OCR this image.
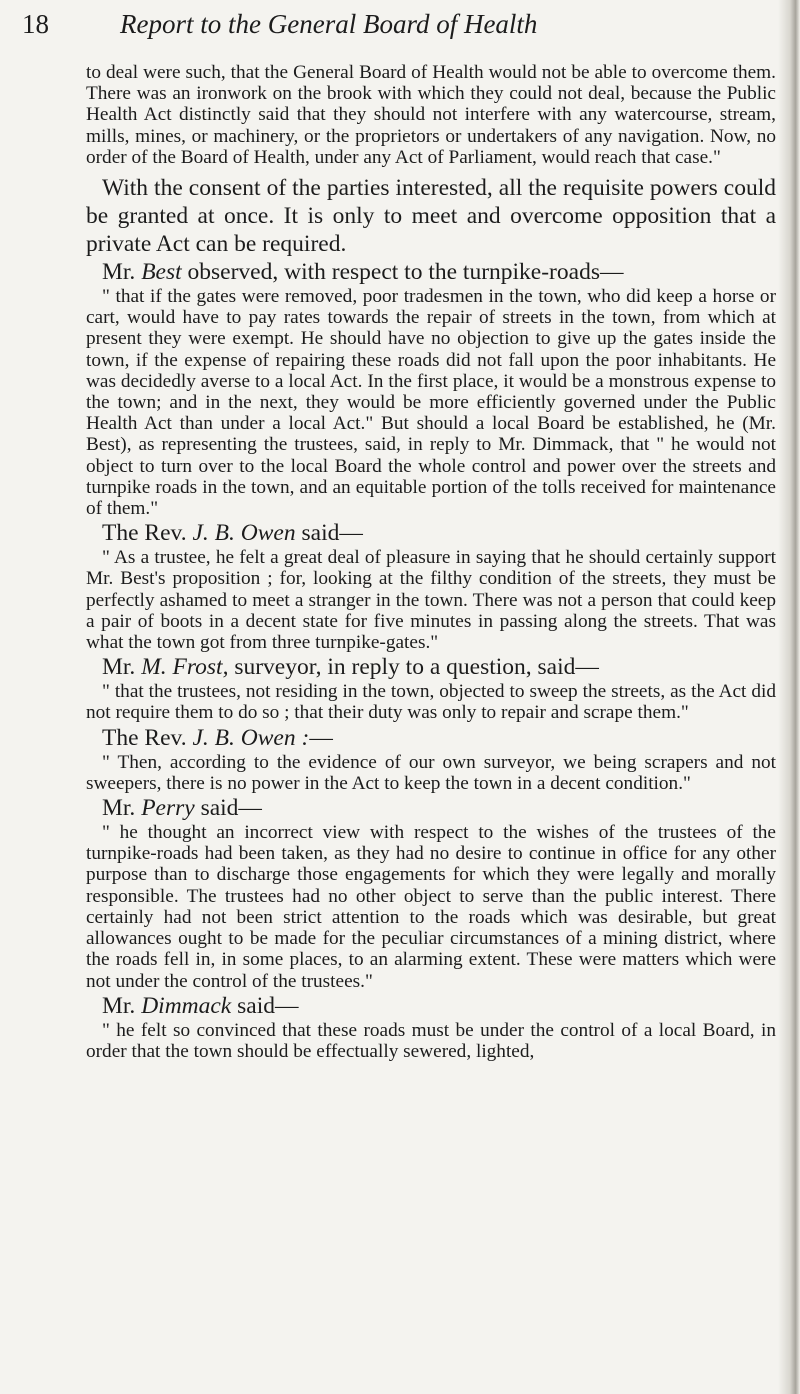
18	Report to the General Board of Health

to deal were such, that the General Board of Health would not be able to overcome them. There was an ironwork on the brook with which they could not deal, because the Public Health Act distinctly said that they should not interfere with any watercourse, stream, mills, mines, or machinery, or the proprietors or undertakers of any navigation. Now, no order of the Board of Health, under any Act of Parliament, would reach that case."

With the consent of the parties interested, all the requisite powers could be granted at once. It is only to meet and overcome opposition that a private Act can be required.

Mr. Best observed, with respect to the turnpike-roads—

" that if the gates were removed, poor tradesmen in the town, who did keep a horse or cart, would have to pay rates towards the repair of streets in the town, from which at present they were exempt. He should have no objection to give up the gates inside the town, if the expense of repairing these roads did not fall upon the poor inhabitants. He was decidedly averse to a local Act. In the first place, it would be a monstrous expense to the town; and in the next, they would be more efficiently governed under the Public Health Act than under a local Act." But should a local Board be established, he (Mr. Best), as representing the trustees, said, in reply to Mr. Dimmack, that " he would not object to turn over to the local Board the whole control and power over the streets and turnpike roads in the town, and an equitable portion of the tolls received for maintenance of them."

The Rev. J. B. Owen said—

" As a trustee, he felt a great deal of pleasure in saying that he should certainly support Mr. Best's proposition ; for, looking at the filthy condition of the streets, they must be perfectly ashamed to meet a stranger in the town. There was not a person that could keep a pair of boots in a decent state for five minutes in passing along the streets. That was what the town got from three turnpike-gates."

Mr. M. Frost, surveyor, in reply to a question, said—

" that the trustees, not residing in the town, objected to sweep the streets, as the Act did not require them to do so ; that their duty was only to repair and scrape them."

The Rev. J. B. Owen :—

" Then, according to the evidence of our own surveyor, we being scrapers and not sweepers, there is no power in the Act to keep the town in a decent condition."

Mr. Perry said—

" he thought an incorrect view with respect to the wishes of the trustees of the turnpike-roads had been taken, as they had no desire to continue in office for any other purpose than to discharge those engagements for which they were legally and morally responsible. The trustees had no other object to serve than the public interest. There certainly had not been strict attention to the roads which was desirable, but great allowances ought to be made for the peculiar circumstances of a mining district, where the roads fell in, in some places, to an alarming extent. These were matters which were not under the control of the trustees."

Mr. Dimmack said—

" he felt so convinced that these roads must be under the control of a local Board, in order that the town should be effectually sewered, lighted,
